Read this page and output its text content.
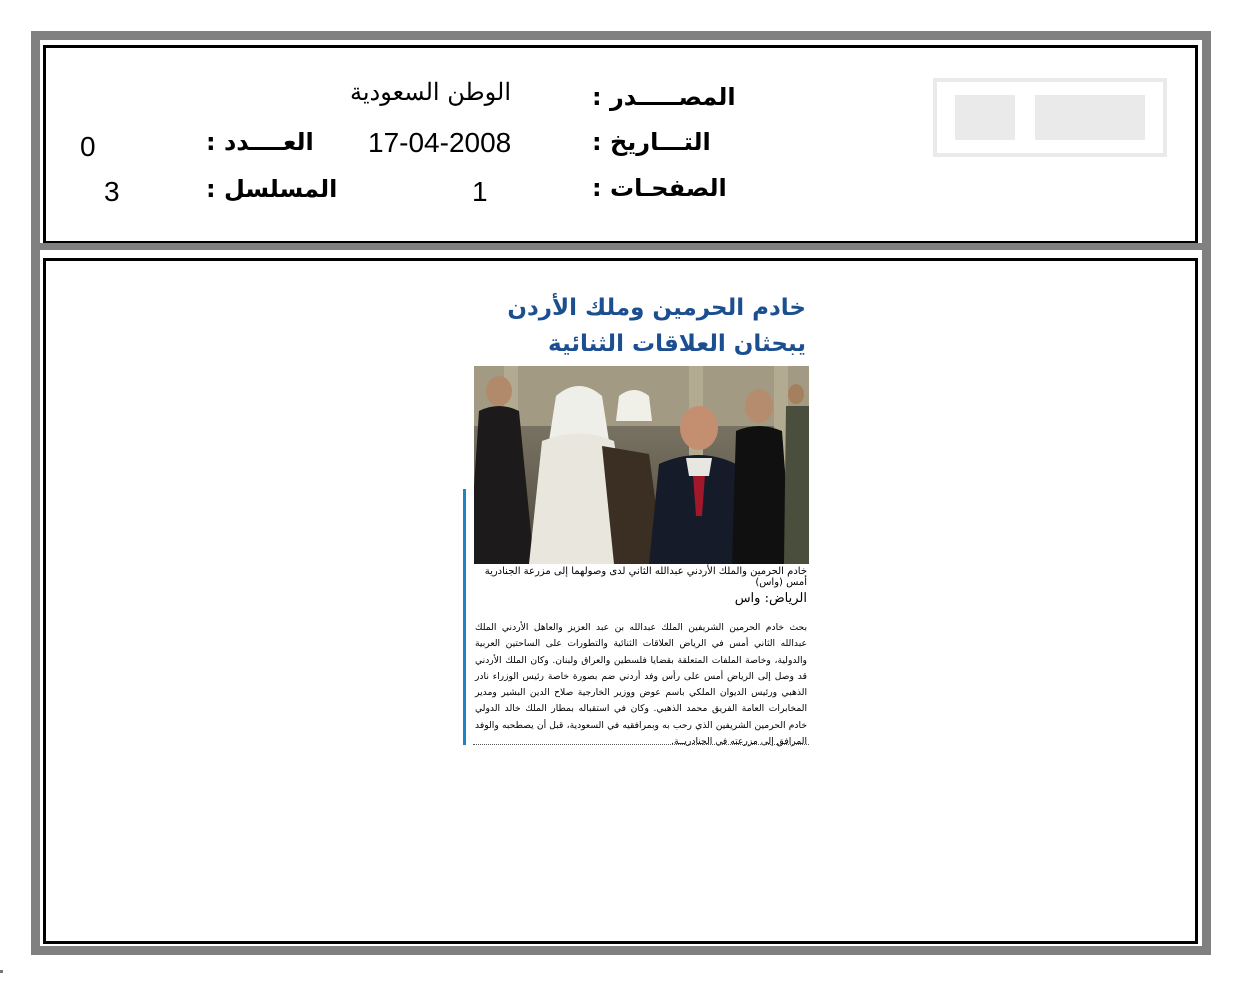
المصـــــدر :
الوطن السعودية
التـــاريخ :
17-04-2008
الصفحـات :
1
العــــدد :
0
المسلسل :
3
خادم الحرمين وملك الأردن يبحثان العلاقات الثنائية
خادم الحرمين والملك الأردني عبدالله الثاني لدى وصولهما إلى مزرعة الجنادرية أمس (واس)
الرياض: واس
بحث خادم الحرمين الشريفين الملك عبدالله بن عبد العزيز والعاهل الأردني الملك عبدالله الثاني أمس في الرياض العلاقات الثنائية والتطورات على الساحتين العربية والدولية، وخاصة الملفات المتعلقة بقضايا فلسطين والعراق ولبنان. وكان الملك الأردني قد وصل إلى الرياض أمس على رأس وفد أردني ضم بصورة خاصة رئيس الوزراء نادر الذهبي ورئيس الديوان الملكي باسم عوض ووزير الخارجية صلاح الدين البشير ومدير المخابرات العامة الفريق محمد الذهبي. وكان في استقباله بمطار الملك خالد الدولي خادم الحرمين الشريفين الذي رحب به وبمرافقيه في السعودية، قبل أن يصطحبه والوفد المرافق إلى مزرعته في الجنادريــة.
